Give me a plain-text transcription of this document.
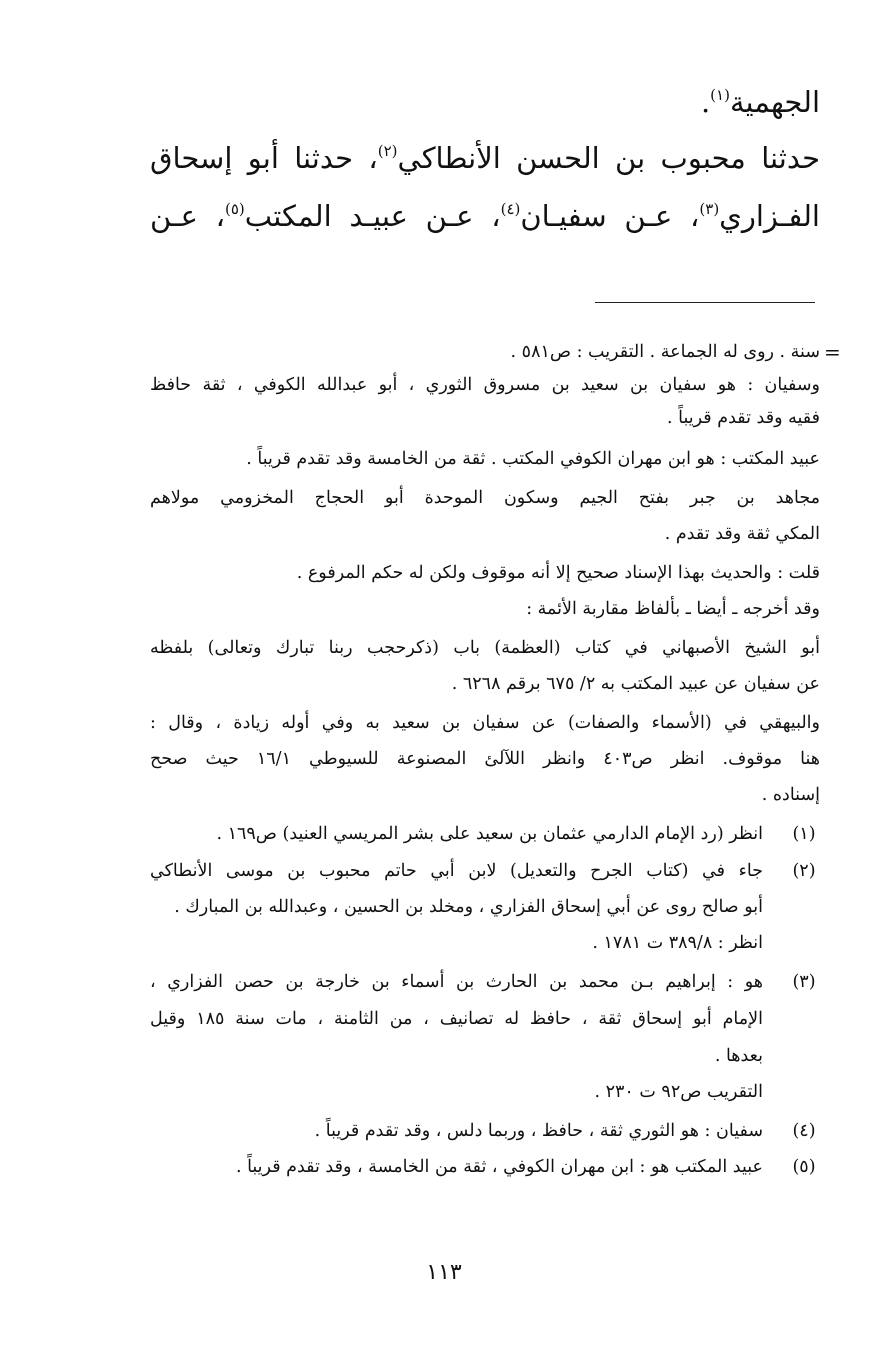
الجهمية$^{(١)}$.
حدثنا محبوب بن الحسن الأنطاكي$^{(٢)}$، حدثنا أبو إسحاق
الفـزاري$^{(٣)}$، عـن سفيـان$^{(٤)}$، عـن عبيـد المكتب$^{(٥)}$، عـن
=
سنة . روى له الجماعة . التقريب : ص٥٨١ .
وسفيان : هو سفيان بن سعيد بن مسروق الثوري ، أبو عبدالله الكوفي ، ثقة حافظ
فقيه وقد تقدم قريباً .
عبيد المكتب : هو ابن مهران الكوفي المكتب . ثقة من الخامسة وقد تقدم قريباً .
مجاهد بن جبر بفتح الجيم وسكون الموحدة أبو الحجاج المخزومي مولاهم
المكي ثقة وقد تقدم .
قلت : والحديث بهذا الإسناد صحيح إلا أنه موقوف ولكن له حكم المرفوع .
وقد أخرجه ـ أيضا ـ بألفاظ مقاربة الأئمة :
أبو الشيخ الأصبهاني في كتاب (العظمة) باب (ذكرحجب ربنا تبارك وتعالى) بلفظه
عن سفيان عن عبيد المكتب به ٢/ ٦٧٥ برقم ٦٢٦٨ .
والبيهقي في (الأسماء والصفات) عن سفيان بن سعيد به وفي أوله زيادة ، وقال :
هنا موقوف. انظر ص٤٠٣ وانظر اللآلئ المصنوعة للسيوطي ١٦/١ حيث صحح
إسناده .
(١)
انظر (رد الإمام الدارمي عثمان بن سعيد على بشر المريسي العنيد) ص١٦٩ .
(٢)
جاء في (كتاب الجرح والتعديل) لابن أبي حاتم محبوب بن موسى الأنطاكي
أبو صالح روى عن أبي إسحاق الفزاري ، ومخلد بن الحسين ، وعبدالله بن المبارك .
انظر : ٣٨٩/٨ ت ١٧٨١ .
(٣)
هو : إبراهيم بـن محمد بن الحارث بن أسماء بن خارجة بن حصن الفزاري ،
الإمام أبو إسحاق ثقة ، حافظ له تصانيف ، من الثامنة ، مات سنة ١٨٥ وقيل
بعدها .
التقريب ص٩٢ ت ٢٣٠ .
(٤)
سفيان : هو الثوري ثقة ، حافظ ، وربما دلس ، وقد تقدم قريباً .
(٥)
عبيد المكتب هو : ابن مهران الكوفي ، ثقة من الخامسة ، وقد تقدم قريباً .
١١٣
